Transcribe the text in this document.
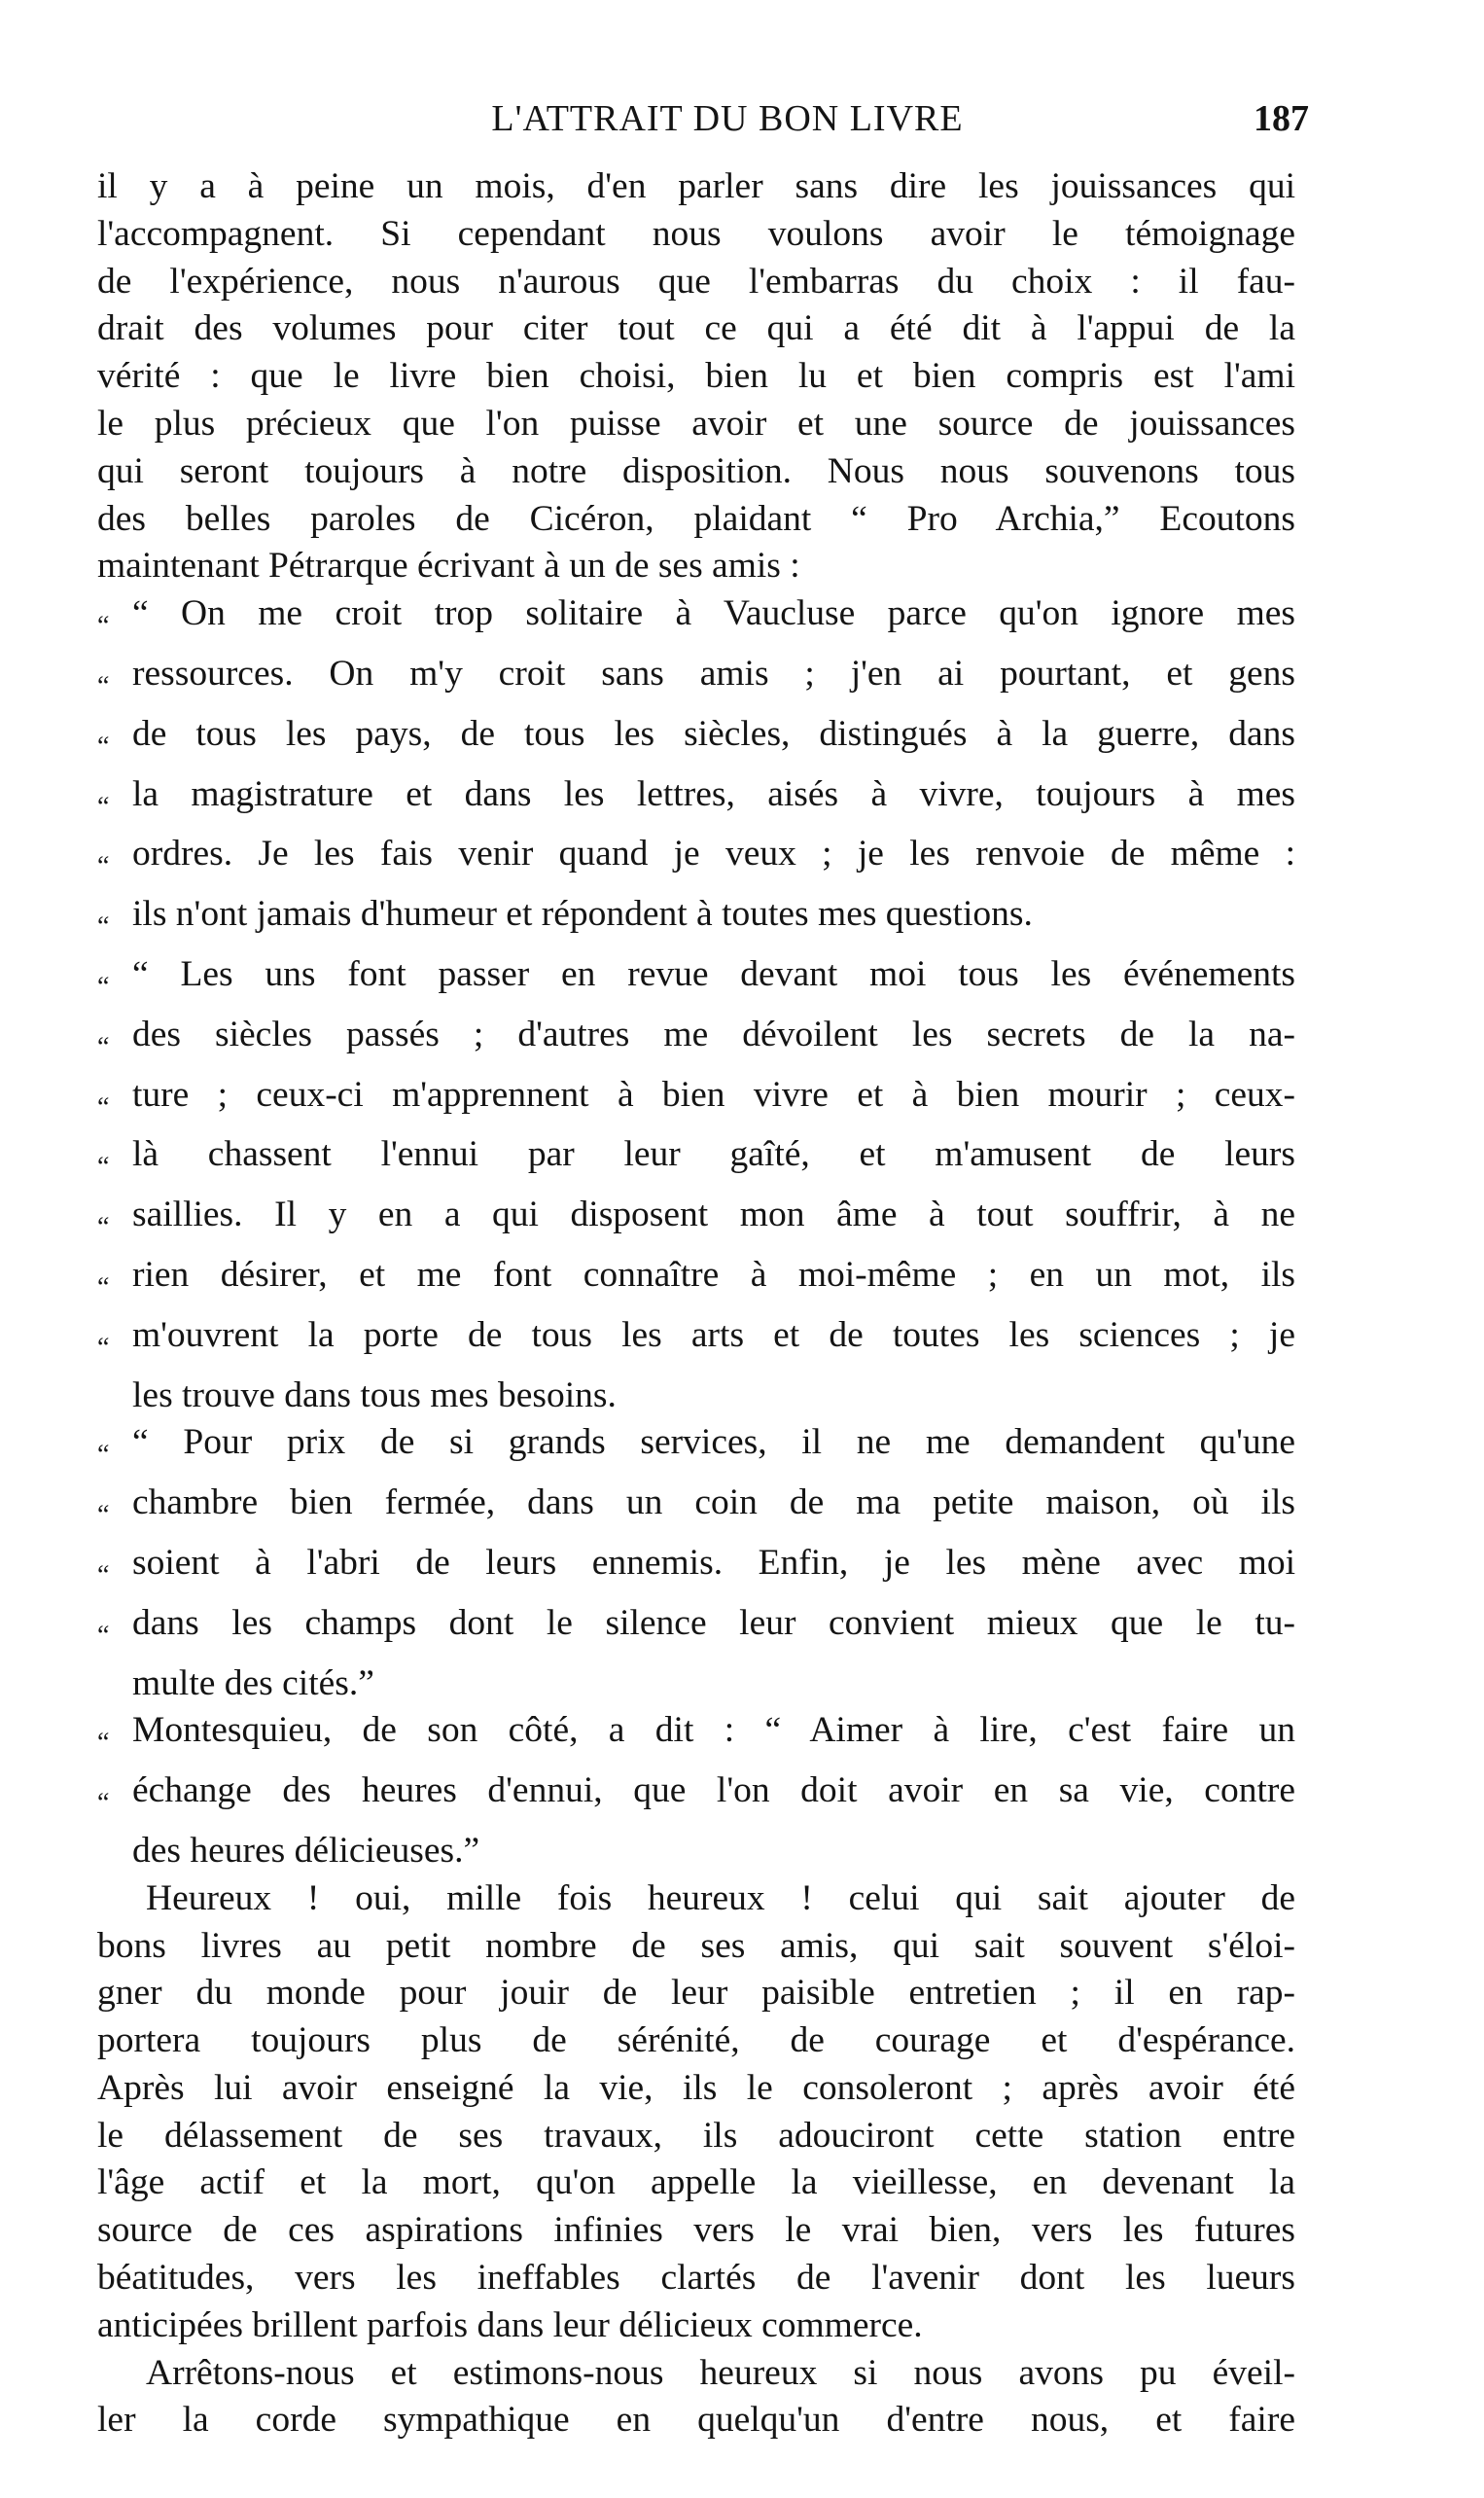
L'ATTRAIT DU BON LIVRE	187
il y a à peine un mois, d'en parler sans dire les jouissances qui
l'accompagnent. Si cependant nous voulons avoir le témoignage
de l'expérience, nous n'aurous que l'embarras du choix : il fau-
drait des volumes pour citer tout ce qui a été dit à l'appui de la
vérité : que le livre bien choisi, bien lu et bien compris est l'ami
le plus précieux que l'on puisse avoir et une source de jouissances
qui seront toujours à notre disposition. Nous nous souvenons tous
des belles paroles de Cicéron, plaidant “ Pro Archia,” Ecoutons
maintenant Pétrarque écrivant à un de ses amis :
“ “ On me croit trop solitaire à Vaucluse parce qu'on ignore mes
“ ressources. On m'y croit sans amis ; j'en ai pourtant, et gens
“ de tous les pays, de tous les siècles, distingués à la guerre, dans
“ la magistrature et dans les lettres, aisés à vivre, toujours à mes
“ ordres. Je les fais venir quand je veux ; je les renvoie de même :
“ ils n'ont jamais d'humeur et répondent à toutes mes questions.
“ “ Les uns font passer en revue devant moi tous les événements
“ des siècles passés ; d'autres me dévoilent les secrets de la na-
“ ture ; ceux-ci m'apprennent à bien vivre et à bien mourir ; ceux-
“ là chassent l'ennui par leur gaîté, et m'amusent de leurs
“ saillies. Il y en a qui disposent mon âme à tout souffrir, à ne
“ rien désirer, et me font connaître à moi-même ; en un mot, ils
“ m'ouvrent la porte de tous les arts et de toutes les sciences ; je
les trouve dans tous mes besoins.
“ “ Pour prix de si grands services, il ne me demandent qu'une
“ chambre bien fermée, dans un coin de ma petite maison, où ils
“ soient à l'abri de leurs ennemis. Enfin, je les mène avec moi
“ dans les champs dont le silence leur convient mieux que le tu-
multe des cités.”
“ Montesquieu, de son côté, a dit : “ Aimer à lire, c'est faire un
“ échange des heures d'ennui, que l'on doit avoir en sa vie, contre
des heures délicieuses.”
Heureux ! oui, mille fois heureux ! celui qui sait ajouter de
bons livres au petit nombre de ses amis, qui sait souvent s'éloi-
gner du monde pour jouir de leur paisible entretien ; il en rap-
portera toujours plus de sérénité, de courage et d'espérance.
Après lui avoir enseigné la vie, ils le consoleront ; après avoir été
le délassement de ses travaux, ils adouciront cette station entre
l'âge actif et la mort, qu'on appelle la vieillesse, en devenant la
source de ces aspirations infinies vers le vrai bien, vers les futures
béatitudes, vers les ineffables clartés de l'avenir dont les lueurs
anticipées brillent parfois dans leur délicieux commerce.
Arrêtons-nous et estimons-nous heureux si nous avons pu éveil-
ler la corde sympathique en quelqu'un d'entre nous, et faire
